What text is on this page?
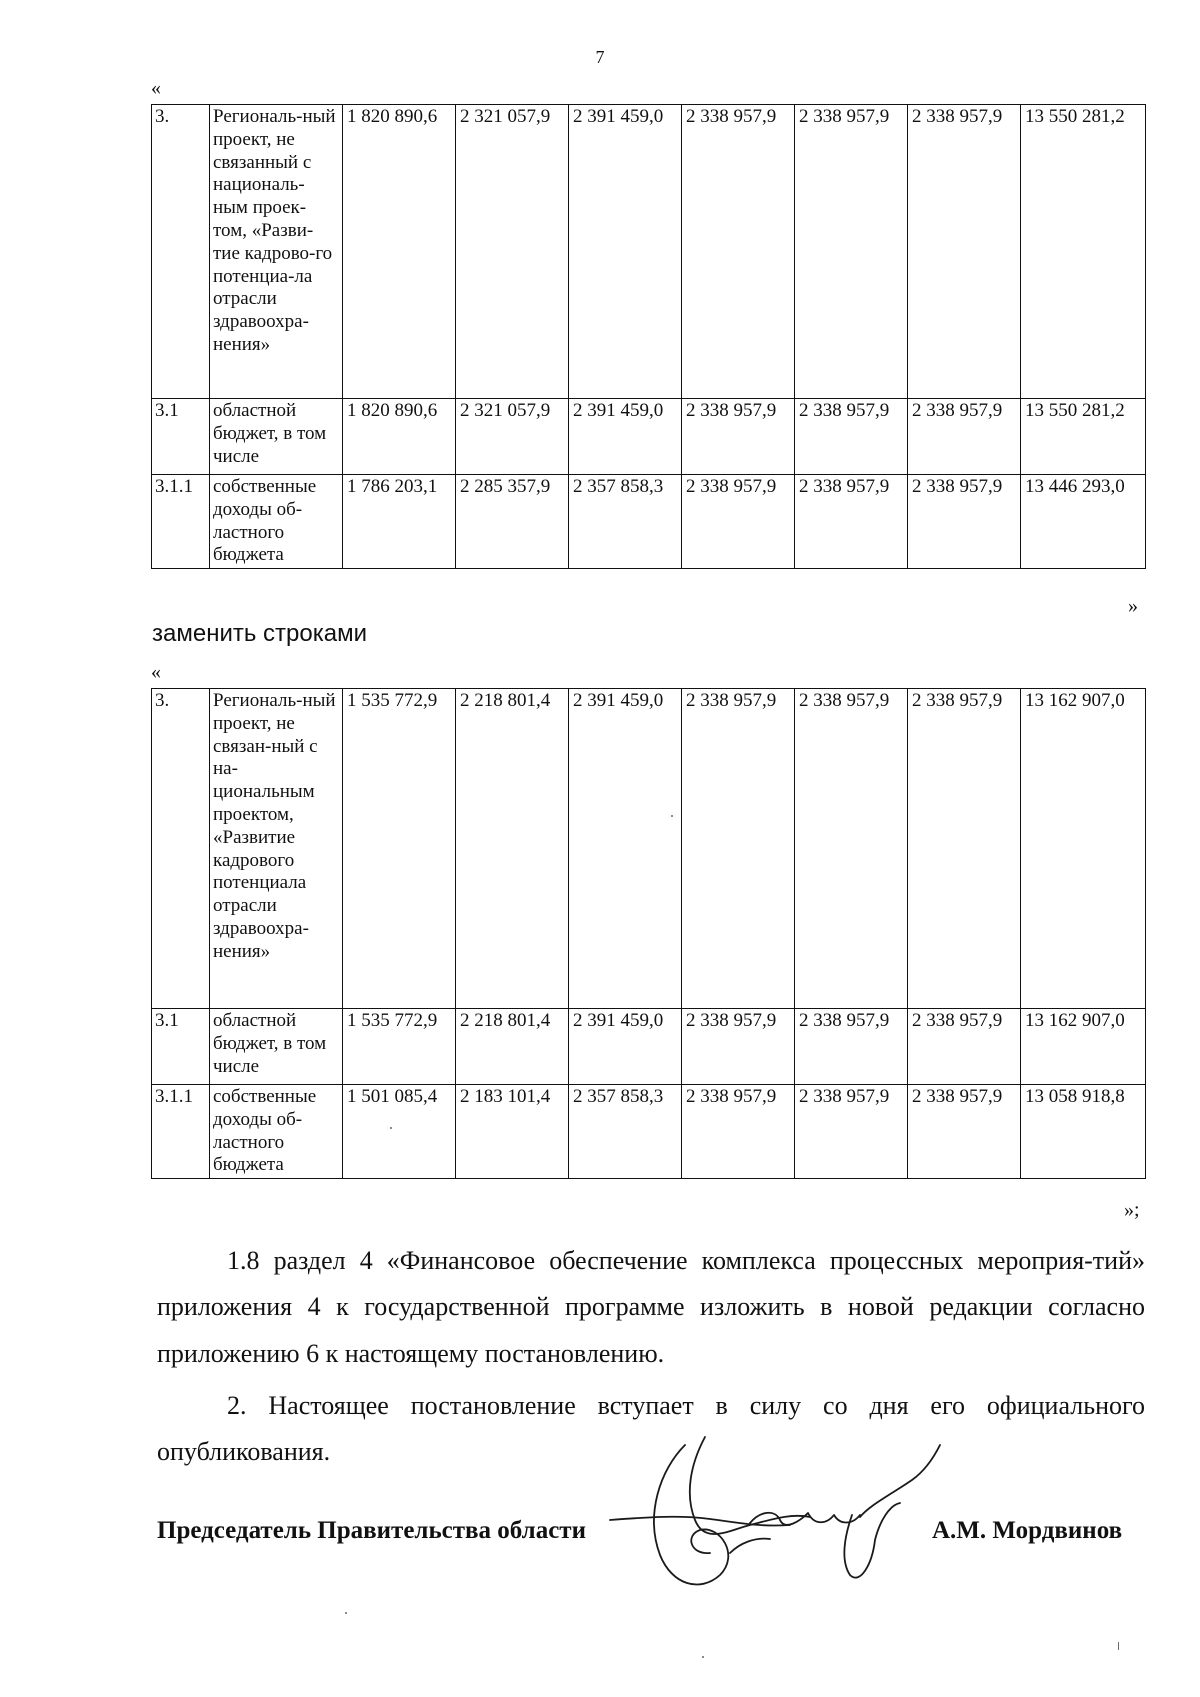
7
«
3.	Региональ-ный проект, не связанный с националь-ным проек-том, «Разви-тие кадрово-го потенциа-ла отрасли здравоохра-нения»	1 820 890,6	2 321 057,9	2 391 459,0	2 338 957,9	2 338 957,9	2 338 957,9	13 550 281,2
3.1	областной бюджет, в том числе	1 820 890,6	2 321 057,9	2 391 459,0	2 338 957,9	2 338 957,9	2 338 957,9	13 550 281,2
3.1.1	собственные доходы об-ластного бюджета	1 786 203,1	2 285 357,9	2 357 858,3	2 338 957,9	2 338 957,9	2 338 957,9	13 446 293,0
»
заменить строками
«
3.	Региональ-ный проект, не связан-ный с на-циональным проектом, «Развитие кадрового потенциала отрасли здравоохра-нения»	1 535 772,9	2 218 801,4	2 391 459,0	2 338 957,9	2 338 957,9	2 338 957,9	13 162 907,0
3.1	областной бюджет, в том числе	1 535 772,9	2 218 801,4	2 391 459,0	2 338 957,9	2 338 957,9	2 338 957,9	13 162 907,0
3.1.1	собственные доходы об-ластного бюджета	1 501 085,4	2 183 101,4	2 357 858,3	2 338 957,9	2 338 957,9	2 338 957,9	13 058 918,8
»;

1.8 раздел 4 «Финансовое обеспечение комплекса процессных мероприя-тий» приложения 4 к государственной программе изложить в новой редакции согласно приложению 6 к настоящему постановлению.

2. Настоящее постановление вступает в силу со дня его официального опубликования.

Председатель Правительства области	А.М. Мордвинов
